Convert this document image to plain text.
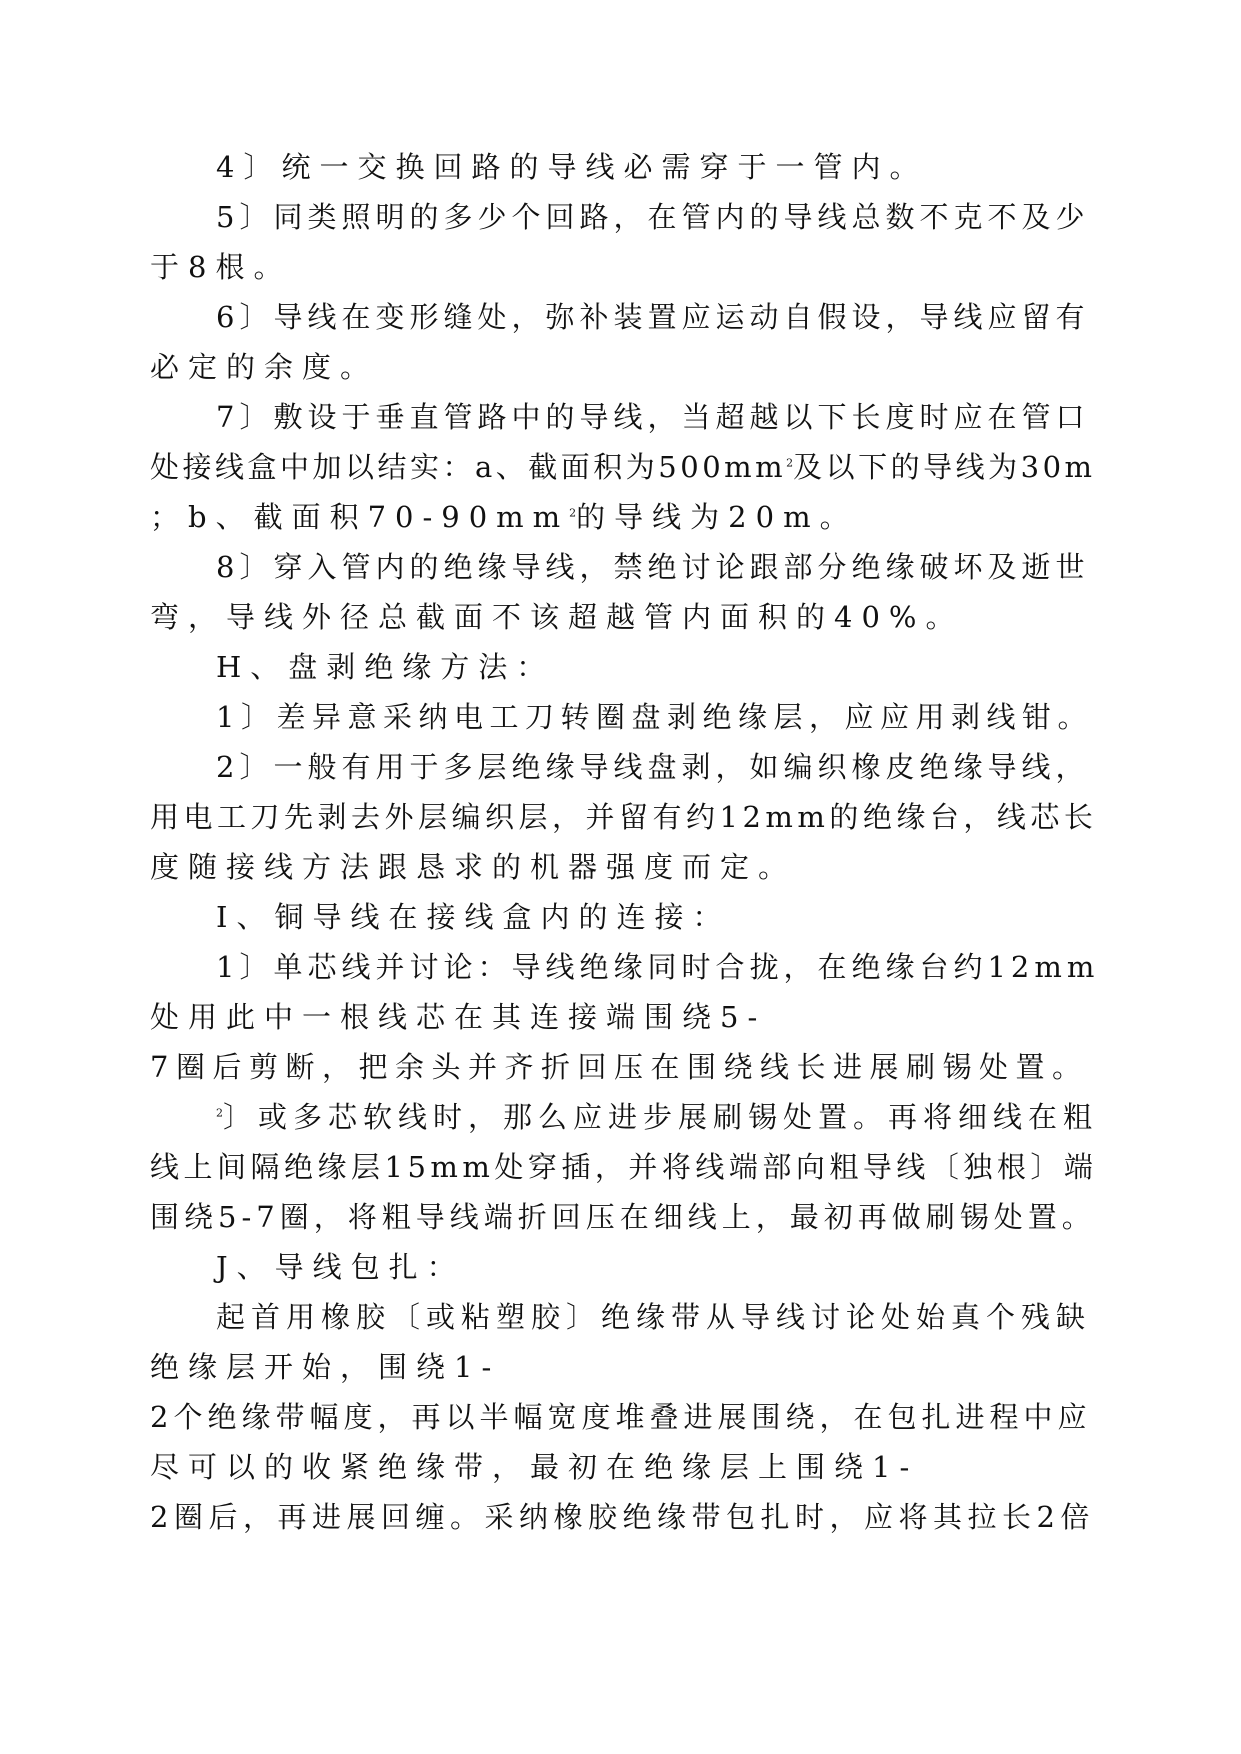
4〕统一交换回路的导线必需穿于一管内。
5〕同类照明的多少个回路，在管内的导线总数不克不及少
于8根。
6〕导线在变形缝处，弥补装置应运动自假设，导线应留有
必定的余度。
7〕敷设于垂直管路中的导线，当超越以下长度时应在管口
处接线盒中加以结实：a、截面积为$500mm^2$及以下的导线为30m
；b、截面积$70-90mm^2$的导线为20m。
8〕穿入管内的绝缘导线，禁绝讨论跟部分绝缘破坏及逝世
弯，导线外径总截面不该超越管内面积的40%。
H、盘剥绝缘方法：
1〕差异意采纳电工刀转圈盘剥绝缘层，应应用剥线钳。
2〕一般有用于多层绝缘导线盘剥，如编织橡皮绝缘导线，
用电工刀先剥去外层编织层，并留有约12mm的绝缘台，线芯长
度随接线方法跟恳求的机器强度而定。
I、铜导线在接线盒内的连接：
1〕单芯线并讨论：导线绝缘同时合拢，在绝缘台约12mm
处用此中一根线芯在其连接端围绕5-
7圈后剪断，把余头并齐折回压在围绕线长进展刷锡处置。
$^2$〕或多芯软线时，那么应进步展刷锡处置。再将细线在粗
线上间隔绝缘层15mm处穿插，并将线端部向粗导线〔独根〕端
围绕5-7圈，将粗导线端折回压在细线上，最初再做刷锡处置。
J、导线包扎：
起首用橡胶〔或粘塑胶〕绝缘带从导线讨论处始真个残缺
绝缘层开始，围绕1-
2个绝缘带幅度，再以半幅宽度堆叠进展围绕，在包扎进程中应
尽可以的收紧绝缘带，最初在绝缘层上围绕1-
2圈后，再进展回缠。采纳橡胶绝缘带包扎时，应将其拉长2倍
